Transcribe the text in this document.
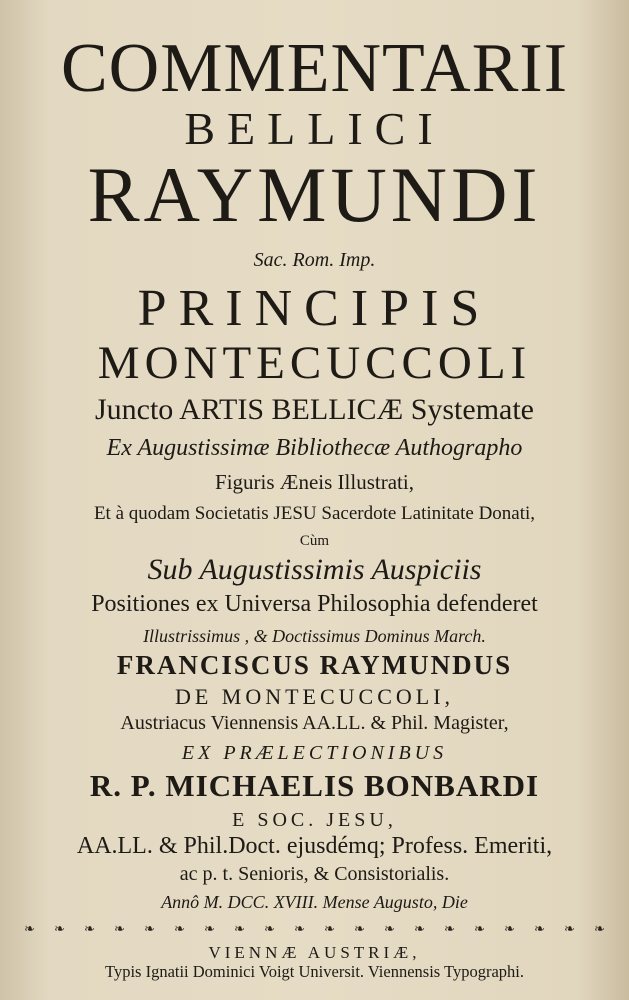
COMMENTARII
BELLICI
RAYMUNDI
Sac. Rom. Imp.
PRINCIPIS
MONTECUCCOLI
Juncto ARTIS BELLICÆ Systemate
Ex Augustissimæ Bibliothecæ Authographo
Figuris Æneis Illustrati,
Et à quodam Societatis JESU Sacerdote Latinitate Donati,
Cùm
Sub Augustissimis Auspiciis
Positiones ex Universa Philosophia defenderet
Illustrissimus , & Doctissimus Dominus March.
FRANCISCUS RAYMUNDUS
DE MONTECUCCOLI,
Austriacus Viennensis AA.LL. & Phil. Magister,
EX PRÆLECTIONIBUS
R. P. MICHAELIS BONBARDI
E SOC. JESU,
AA.LL. & Phil.Doct. ejusdémq; Profess. Emeriti,
ac p. t. Senioris, & Consistorialis.
Annô M. DCC. XVIII. Mense Augusto, Die
❧ ❧ ❧ ❧ ❧ ❧ ❧ ❧ ❧ ❧ ❧ ❧ ❧ ❧ ❧ ❧ ❧ ❧ ❧ ❧
VIENNÆ AUSTRIÆ,
Typis Ignatii Dominici Voigt Universit. Viennensis Typographi.
